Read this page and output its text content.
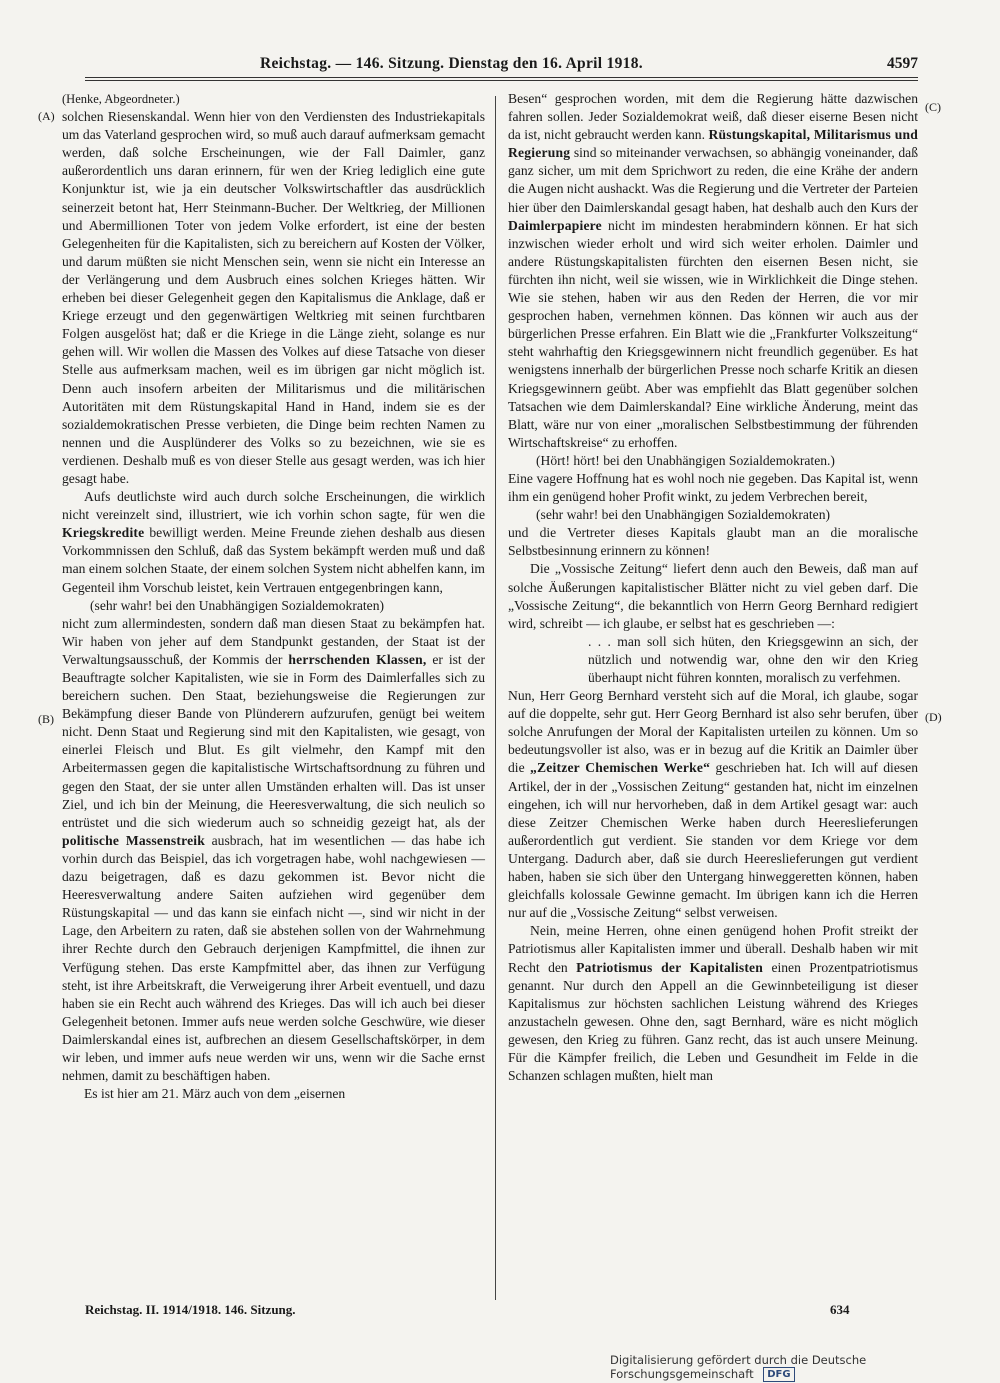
Reichstag. — 146. Sitzung. Dienstag den 16. April 1918.	4597
(A)
(B)
(C)
(D)

(Henke, Abgeordneter.)

solchen Riesenskandal. Wenn hier von den Verdiensten des Industriekapitals um das Vaterland gesprochen wird, so muß auch darauf aufmerksam gemacht werden, daß solche Erscheinungen, wie der Fall Daimler, ganz außerordentlich uns daran erinnern, für wen der Krieg lediglich eine gute Konjunktur ist, wie ja ein deutscher Volkswirtschaftler das ausdrücklich seinerzeit betont hat, Herr Steinmann-Bucher. Der Weltkrieg, der Millionen und Abermillionen Toter von jedem Volke erfordert, ist eine der besten Gelegenheiten für die Kapitalisten, sich zu bereichern auf Kosten der Völker, und darum müßten sie nicht Menschen sein, wenn sie nicht ein Interesse an der Verlängerung und dem Ausbruch eines solchen Krieges hätten. Wir erheben bei dieser Gelegenheit gegen den Kapitalismus die Anklage, daß er Kriege erzeugt und den gegenwärtigen Weltkrieg mit seinen furchtbaren Folgen ausgelöst hat; daß er die Kriege in die Länge zieht, solange es nur gehen will. Wir wollen die Massen des Volkes auf diese Tatsache von dieser Stelle aus aufmerksam machen, weil es im übrigen gar nicht möglich ist. Denn auch insofern arbeiten der Militarismus und die militärischen Autoritäten mit dem Rüstungskapital Hand in Hand, indem sie es der sozialdemokratischen Presse verbieten, die Dinge beim rechten Namen zu nennen und die Ausplünderer des Volks so zu bezeichnen, wie sie es verdienen. Deshalb muß es von dieser Stelle aus gesagt werden, was ich hier gesagt habe.

Aufs deutlichste wird auch durch solche Erscheinungen, die wirklich nicht vereinzelt sind, illustriert, wie ich vorhin schon sagte, für wen die Kriegskredite bewilligt werden. Meine Freunde ziehen deshalb aus diesen Vorkommnissen den Schluß, daß das System bekämpft werden muß und daß man einem solchen Staate, der einem solchen System nicht abhelfen kann, im Gegenteil ihm Vorschub leistet, kein Vertrauen entgegenbringen kann,

(sehr wahr! bei den Unabhängigen Sozialdemokraten)

nicht zum allermindesten, sondern daß man diesen Staat zu bekämpfen hat. Wir haben von jeher auf dem Standpunkt gestanden, der Staat ist der Verwaltungsausschuß, der Kommis der herrschenden Klassen, er ist der Beauftragte solcher Kapitalisten, wie sie in Form des Daimlerfalles sich zu bereichern suchen. Den Staat, beziehungsweise die Regierungen zur Bekämpfung dieser Bande von Plünderern aufzurufen, genügt bei weitem nicht. Denn Staat und Regierung sind mit den Kapitalisten, wie gesagt, von einerlei Fleisch und Blut. Es gilt vielmehr, den Kampf mit den Arbeitermassen gegen die kapitalistische Wirtschaftsordnung zu führen und gegen den Staat, der sie unter allen Umständen erhalten will. Das ist unser Ziel, und ich bin der Meinung, die Heeresverwaltung, die sich neulich so entrüstet und die sich wiederum auch so schneidig gezeigt hat, als der politische Massenstreik ausbrach, hat im wesentlichen — das habe ich vorhin durch das Beispiel, das ich vorgetragen habe, wohl nachgewiesen — dazu beigetragen, daß es dazu gekommen ist. Bevor nicht die Heeresverwaltung andere Saiten aufziehen wird gegenüber dem Rüstungskapital — und das kann sie einfach nicht —, sind wir nicht in der Lage, den Arbeitern zu raten, daß sie abstehen sollen von der Wahrnehmung ihrer Rechte durch den Gebrauch derjenigen Kampfmittel, die ihnen zur Verfügung stehen. Das erste Kampfmittel aber, das ihnen zur Verfügung steht, ist ihre Arbeitskraft, die Verweigerung ihrer Arbeit eventuell, und dazu haben sie ein Recht auch während des Krieges. Das will ich auch bei dieser Gelegenheit betonen. Immer aufs neue werden solche Geschwüre, wie dieser Daimlerskandal eines ist, aufbrechen an diesem Gesellschaftskörper, in dem wir leben, und immer aufs neue werden wir uns, wenn wir die Sache ernst nehmen, damit zu beschäftigen haben.

Es ist hier am 21. März auch von dem „eisernen

Besen“ gesprochen worden, mit dem die Regierung hätte dazwischen fahren sollen. Jeder Sozialdemokrat weiß, daß dieser eiserne Besen nicht da ist, nicht gebraucht werden kann. Rüstungskapital, Militarismus und Regierung sind so miteinander verwachsen, so abhängig voneinander, daß ganz sicher, um mit dem Sprichwort zu reden, die eine Krähe der andern die Augen nicht aushackt. Was die Regierung und die Vertreter der Parteien hier über den Daimlerskandal gesagt haben, hat deshalb auch den Kurs der Daimlerpapiere nicht im mindesten herabmindern können. Er hat sich inzwischen wieder erholt und wird sich weiter erholen. Daimler und andere Rüstungskapitalisten fürchten den eisernen Besen nicht, sie fürchten ihn nicht, weil sie wissen, wie in Wirklichkeit die Dinge stehen. Wie sie stehen, haben wir aus den Reden der Herren, die vor mir gesprochen haben, vernehmen können. Das können wir auch aus der bürgerlichen Presse erfahren. Ein Blatt wie die „Frankfurter Volkszeitung“ steht wahrhaftig den Kriegsgewinnern nicht freundlich gegenüber. Es hat wenigstens innerhalb der bürgerlichen Presse noch scharfe Kritik an diesen Kriegsgewinnern geübt. Aber was empfiehlt das Blatt gegenüber solchen Tatsachen wie dem Daimlerskandal? Eine wirkliche Änderung, meint das Blatt, wäre nur von einer „moralischen Selbstbestimmung der führenden Wirtschaftskreise“ zu erhoffen.

(Hört! hört! bei den Unabhängigen Sozialdemokraten.)

Eine vagere Hoffnung hat es wohl noch nie gegeben. Das Kapital ist, wenn ihm ein genügend hoher Profit winkt, zu jedem Verbrechen bereit,

(sehr wahr! bei den Unabhängigen Sozialdemokraten)

und die Vertreter dieses Kapitals glaubt man an die moralische Selbstbesinnung erinnern zu können!

Die „Vossische Zeitung“ liefert denn auch den Beweis, daß man auf solche Äußerungen kapitalistischer Blätter nicht zu viel geben darf. Die „Vossische Zeitung“, die bekanntlich von Herrn Georg Bernhard redigiert wird, schreibt — ich glaube, er selbst hat es geschrieben —:

. . . man soll sich hüten, den Kriegsgewinn an sich, der nützlich und notwendig war, ohne den wir den Krieg überhaupt nicht führen konnten, moralisch zu verfehmen.

Nun, Herr Georg Bernhard versteht sich auf die Moral, ich glaube, sogar auf die doppelte, sehr gut. Herr Georg Bernhard ist also sehr berufen, über solche Anrufungen der Moral der Kapitalisten urteilen zu können. Um so bedeutungsvoller ist also, was er in bezug auf die Kritik an Daimler über die „Zeitzer Chemischen Werke“ geschrieben hat. Ich will auf diesen Artikel, der in der „Vossischen Zeitung“ gestanden hat, nicht im einzelnen eingehen, ich will nur hervorheben, daß in dem Artikel gesagt war: auch diese Zeitzer Chemischen Werke haben durch Heereslieferungen außerordentlich gut verdient. Sie standen vor dem Kriege vor dem Untergang. Dadurch aber, daß sie durch Heereslieferungen gut verdient haben, haben sie sich über den Untergang hinweggeretten können, haben gleichfalls kolossale Gewinne gemacht. Im übrigen kann ich die Herren nur auf die „Vossische Zeitung“ selbst verweisen.

Nein, meine Herren, ohne einen genügend hohen Profit streikt der Patriotismus aller Kapitalisten immer und überall. Deshalb haben wir mit Recht den Patriotismus der Kapitalisten einen Prozentpatriotismus genannt. Nur durch den Appell an die Gewinnbeteiligung ist dieser Kapitalismus zur höchsten sachlichen Leistung während des Krieges anzustacheln gewesen. Ohne den, sagt Bernhard, wäre es nicht möglich gewesen, den Krieg zu führen. Ganz recht, das ist auch unsere Meinung. Für die Kämpfer freilich, die Leben und Gesundheit im Felde in die Schanzen schlagen mußten, hielt man

Reichstag. II. 1914/1918. 146. Sitzung.	634
Digitalisierung gefördert durch die Deutsche Forschungsgemeinschaft DFG
